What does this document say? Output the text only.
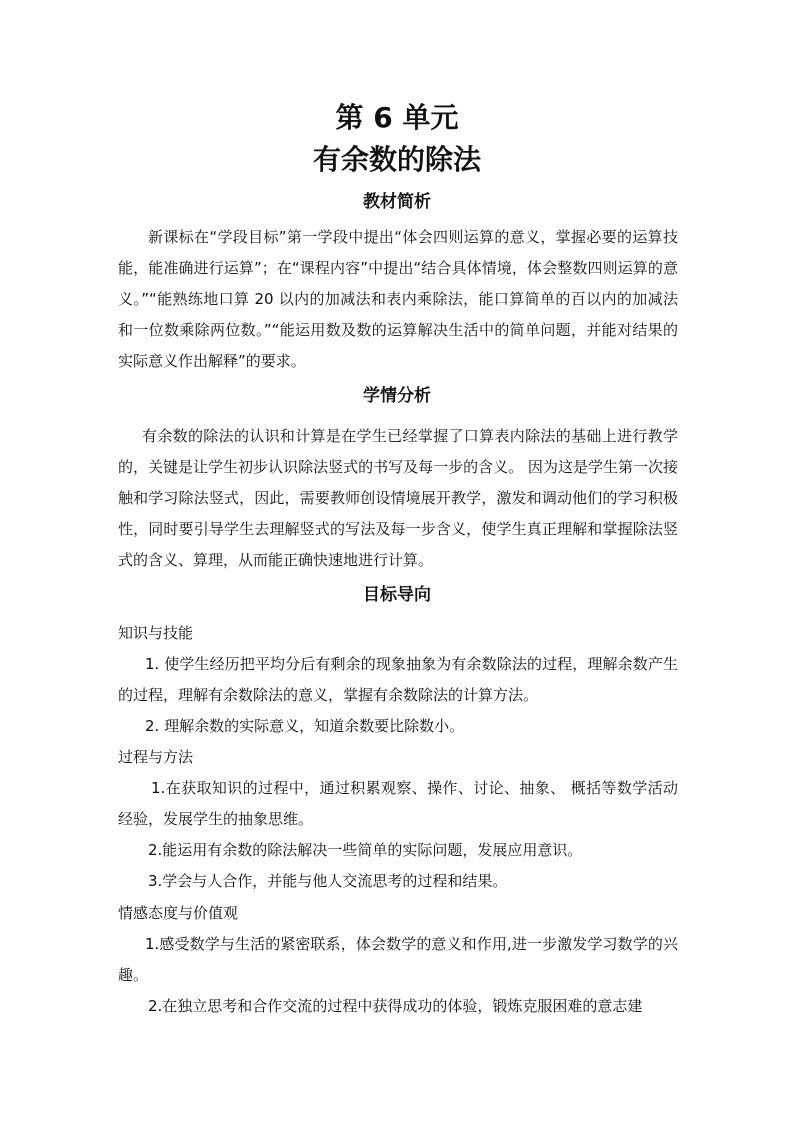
第 6 单元
有余数的除法
教材简析

新课标在“学段目标”第一学段中提出“体会四则运算的意义，掌握必要的运算技能，能准确进行运算”；在“课程内容”中提出“结合具体情境，体会整数四则运算的意义。”“能熟练地口算 20 以内的加减法和表内乘除法，能口算简单的百以内的加减法和一位数乘除两位数。”“能运用数及数的运算解决生活中的简单问题，并能对结果的实际意义作出解释”的要求。

学情分析

有余数的除法的认识和计算是在学生已经掌握了口算表内除法的基础上进行教学的，关键是让学生初步认识除法竖式的书写及每一步的含义。 因为这是学生第一次接触和学习除法竖式，因此，需要教师创设情境展开教学，激发和调动他们的学习积极性，同时要引导学生去理解竖式的写法及每一步含义，使学生真正理解和掌握除法竖式的含义、算理，从而能正确快速地进行计算。

目标导向
知识与技能

1. 使学生经历把平均分后有剩余的现象抽象为有余数除法的过程，理解余数产生的过程，理解有余数除法的意义，掌握有余数除法的计算方法。

2. 理解余数的实际意义，知道余数要比除数小。

过程与方法

1.在获取知识的过程中，通过积累观察、操作、讨论、抽象、 概括等数学活动经验，发展学生的抽象思维。

2.能运用有余数的除法解决一些简单的实际问题，发展应用意识。

3.学会与人合作，并能与他人交流思考的过程和结果。

情感态度与价值观

1.感受数学与生活的紧密联系，体会数学的意义和作用,进一步激发学习数学的兴趣。

2.在独立思考和合作交流的过程中获得成功的体验，锻炼克服困难的意志建
